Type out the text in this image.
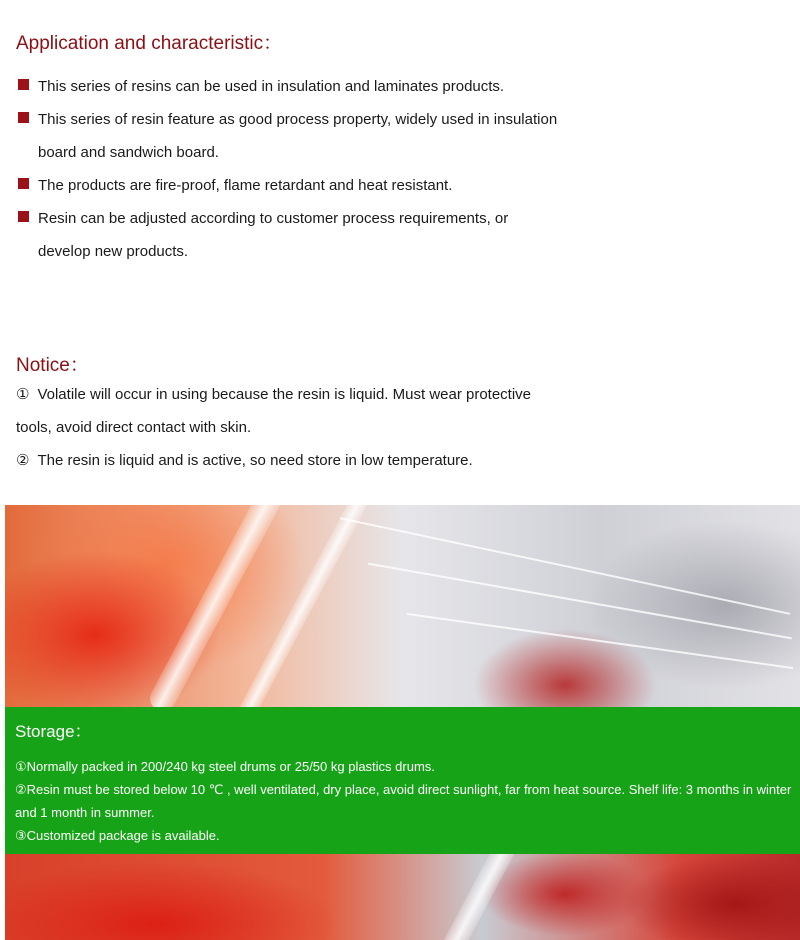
Application and characteristic：
This series of resins can be used in insulation and laminates products.
This series of resin feature as good process property, widely used in insulation board and sandwich board.
The products are fire-proof, flame retardant and heat resistant.
Resin can be adjusted according to customer process requirements, or develop new products.
Notice：

① Volatile will occur in using because the resin is liquid. Must wear protective tools, avoid direct contact with skin.

② The resin is liquid and is active, so need store in low temperature.

Storage：

①Normally packed in 200/240 kg steel drums or 25/50 kg plastics drums.

②Resin must be stored below 10 ℃ , well ventilated, dry place, avoid direct sunlight, far from heat source. Shelf life: 3 months in winter and 1 month in summer.

③Customized package is available.
